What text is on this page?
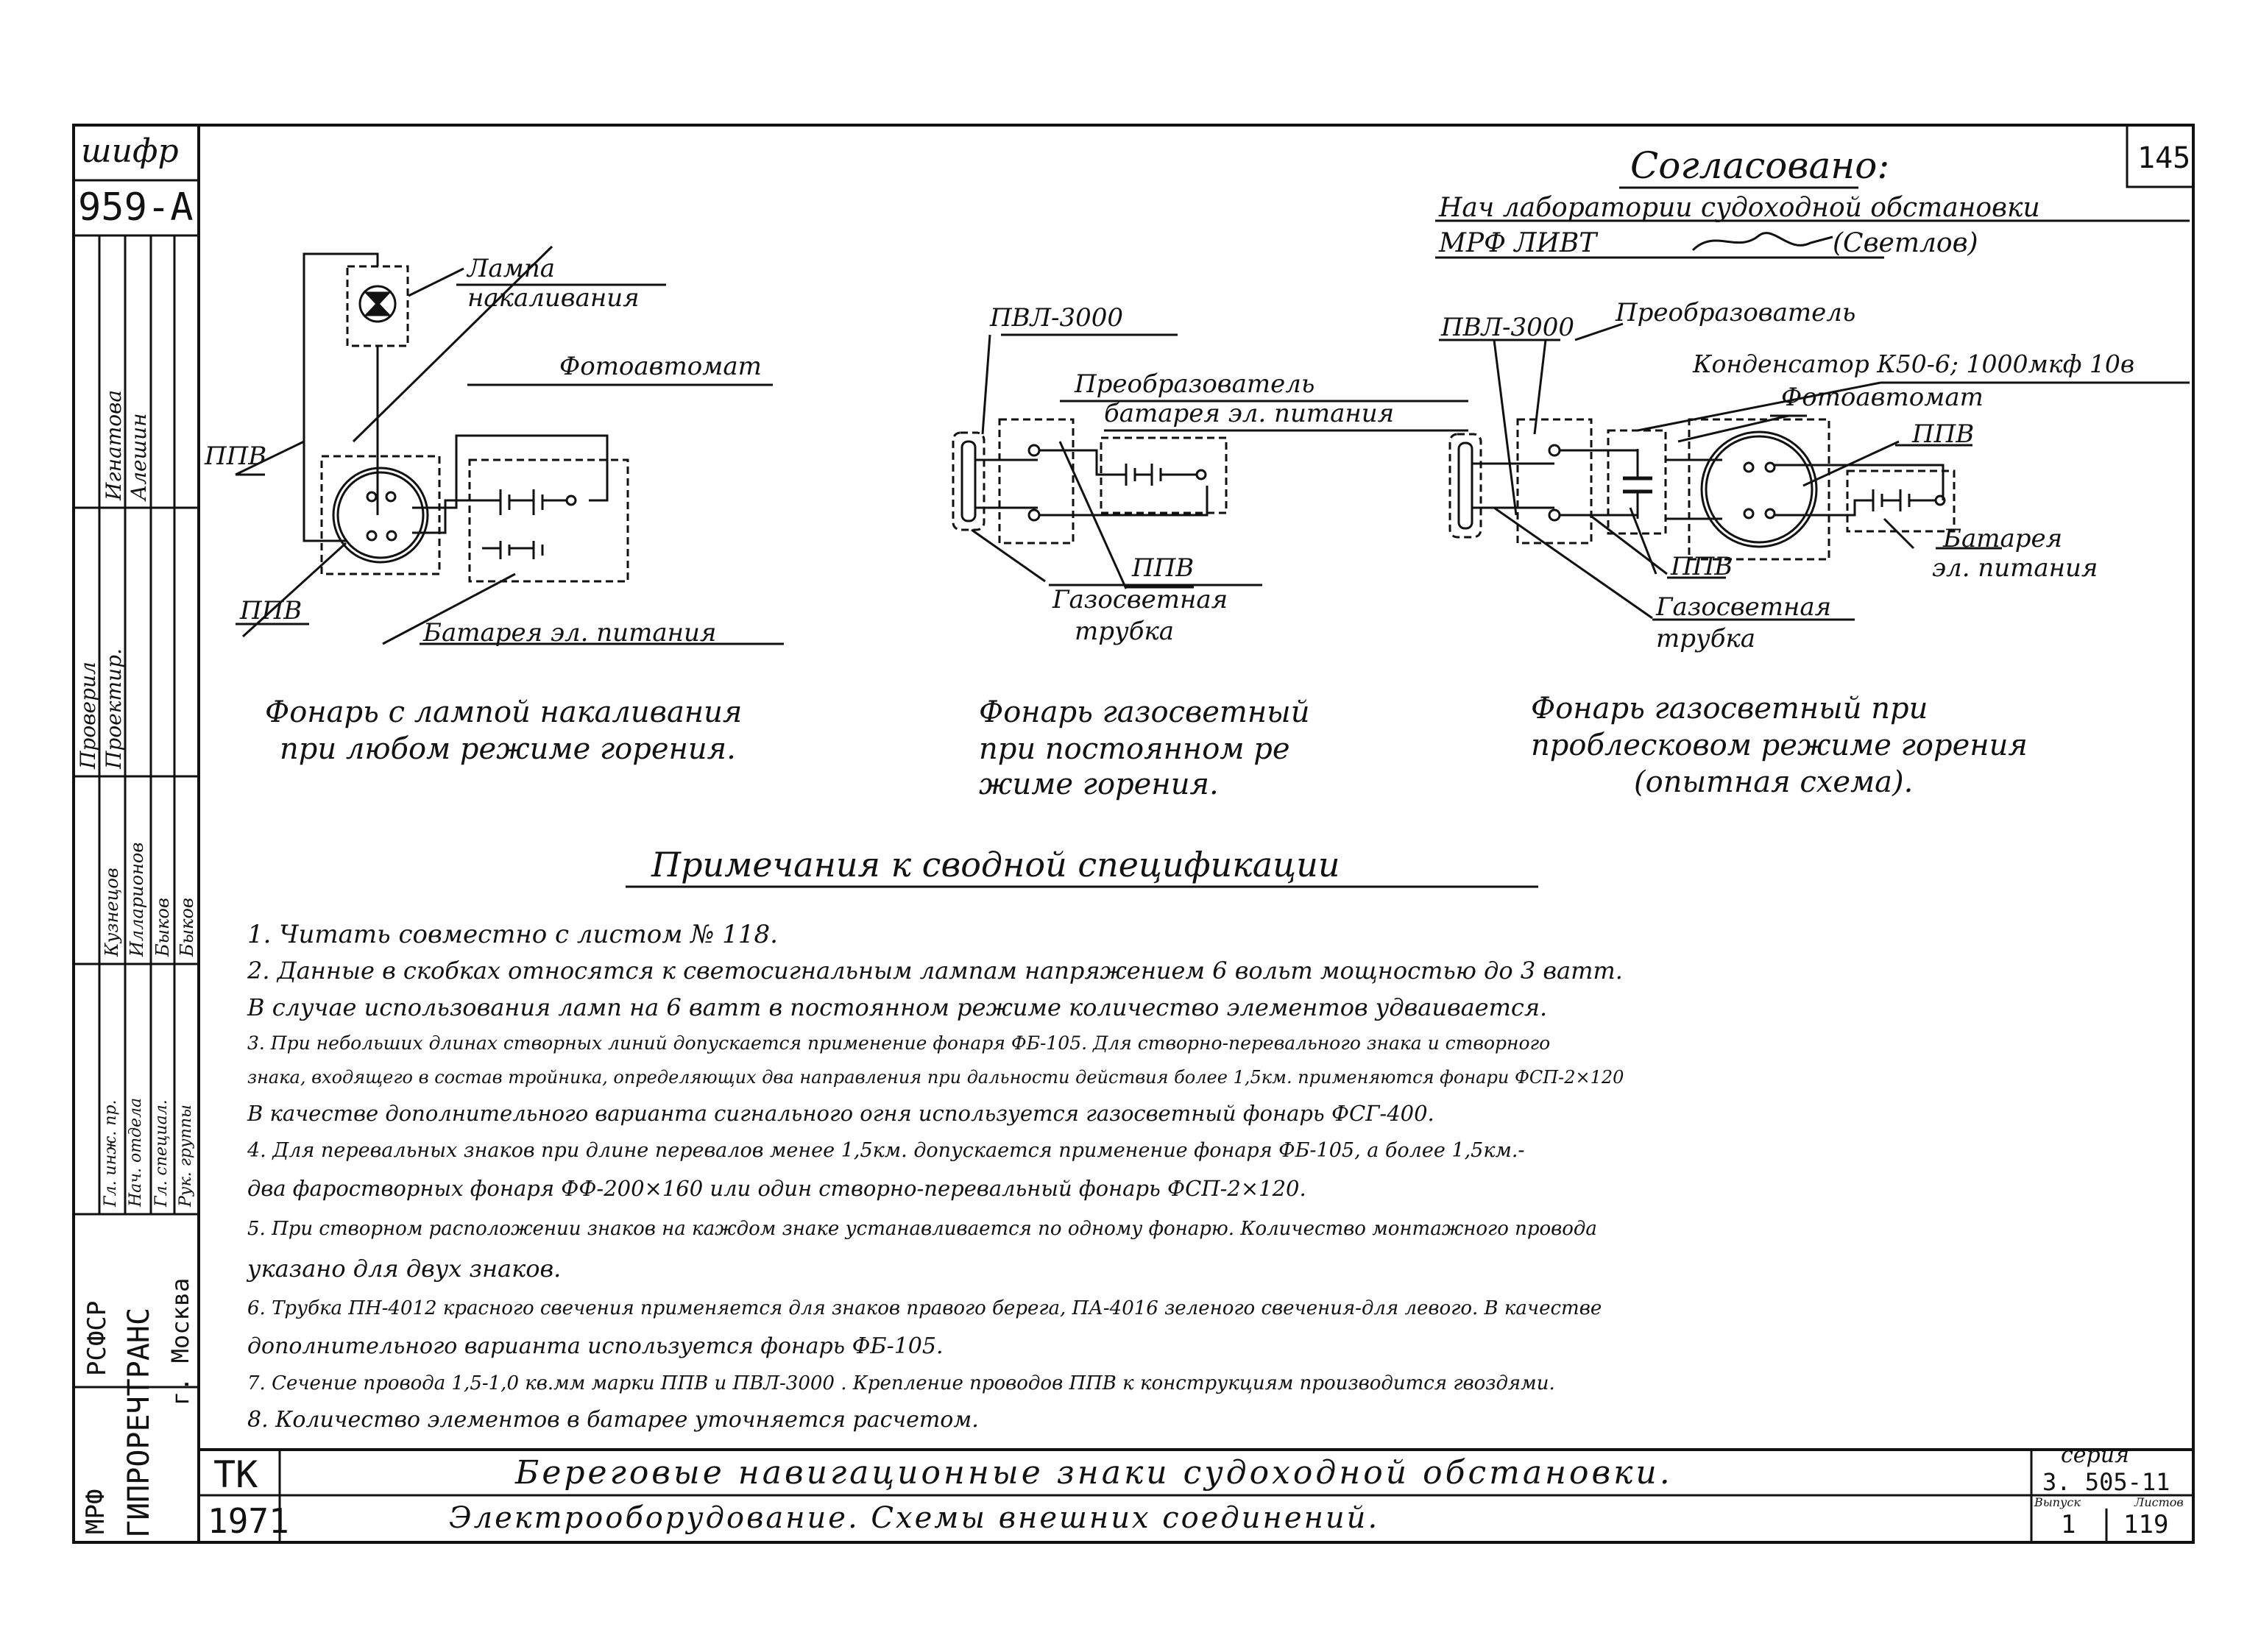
шифр
959-А
145
Согласовано:
Нач лаборатории судоходной обстановки
МРФ ЛИВТ	(Светлов)
Игнатова Алешин
Проверил Проектир.
Кузнецов Илларионов Быков Быков
Гл. инж. пр. Нач. отдела Гл. специал. Рук. группы
РСФСР ГИПРОРЕЧТРАНС г. Москва
МРФ
Лампа
накаливания
Фотоавтомат
ППВ
ППВ
Батарея эл. питания
Фонарь с лампой накаливания
при любом режиме горения.
ПВЛ-3000
Преобразователь
батарея эл. питания
ППВ
Газосветная
трубка
Фонарь газосветный
при постоянном ре
жиме горения.
ПВЛ-3000 Преобразователь
Конденсатор К50-6; 1000мкф 10в
Фотоавтомат
ППВ
ППВ
Батарея
эл. питания
Газосветная
трубка
Фонарь газосветный при
проблесковом режиме горения
(опытная схема).
Примечания к сводной спецификации
1. Читать совместно с листом № 118.
2. Данные в скобках относятся к светосигнальным лампам напряжением 6 вольт мощностью до 3 ватт.
В случае использования ламп на 6 ватт в постоянном режиме количество элементов удваивается.
3. При небольших длинах створных линий допускается применение фонаря ФБ-105. Для створно-перевального знака и створного
знака, входящего в состав тройника, определяющих два направления при дальности действия более 1,5км. применяются фонари ФСП-2×120
В качестве дополнительного варианта сигнального огня используется газосветный фонарь ФСГ-400.
4. Для перевальных знаков при длине перевалов менее 1,5км. допускается применение фонаря ФБ-105, а более 1,5км.-
два фаростворных фонаря ФФ-200×160 или один створно-перевальный фонарь ФСП-2×120.
5. При створном расположении знаков на каждом знаке устанавливается по одному фонарю. Количество монтажного провода
указано для двух знаков.
6. Трубка ПН-4012 красного свечения применяется для знаков правого берега, ПА-4016 зеленого свечения-для левого. В качестве
дополнительного варианта используется фонарь ФБ-105.
7. Сечение провода 1,5-1,0 кв.мм марки ППВ и ПВЛ-3000 . Крепление проводов ППВ к конструкциям производится гвоздями.
8. Количество элементов в батарее уточняется расчетом.
ТК
1971
Береговые навигационные знаки судоходной обстановки.
Электрооборудование. Схемы внешних соединений.
серия
3. 505-11
Выпуск	Листов
1 119
